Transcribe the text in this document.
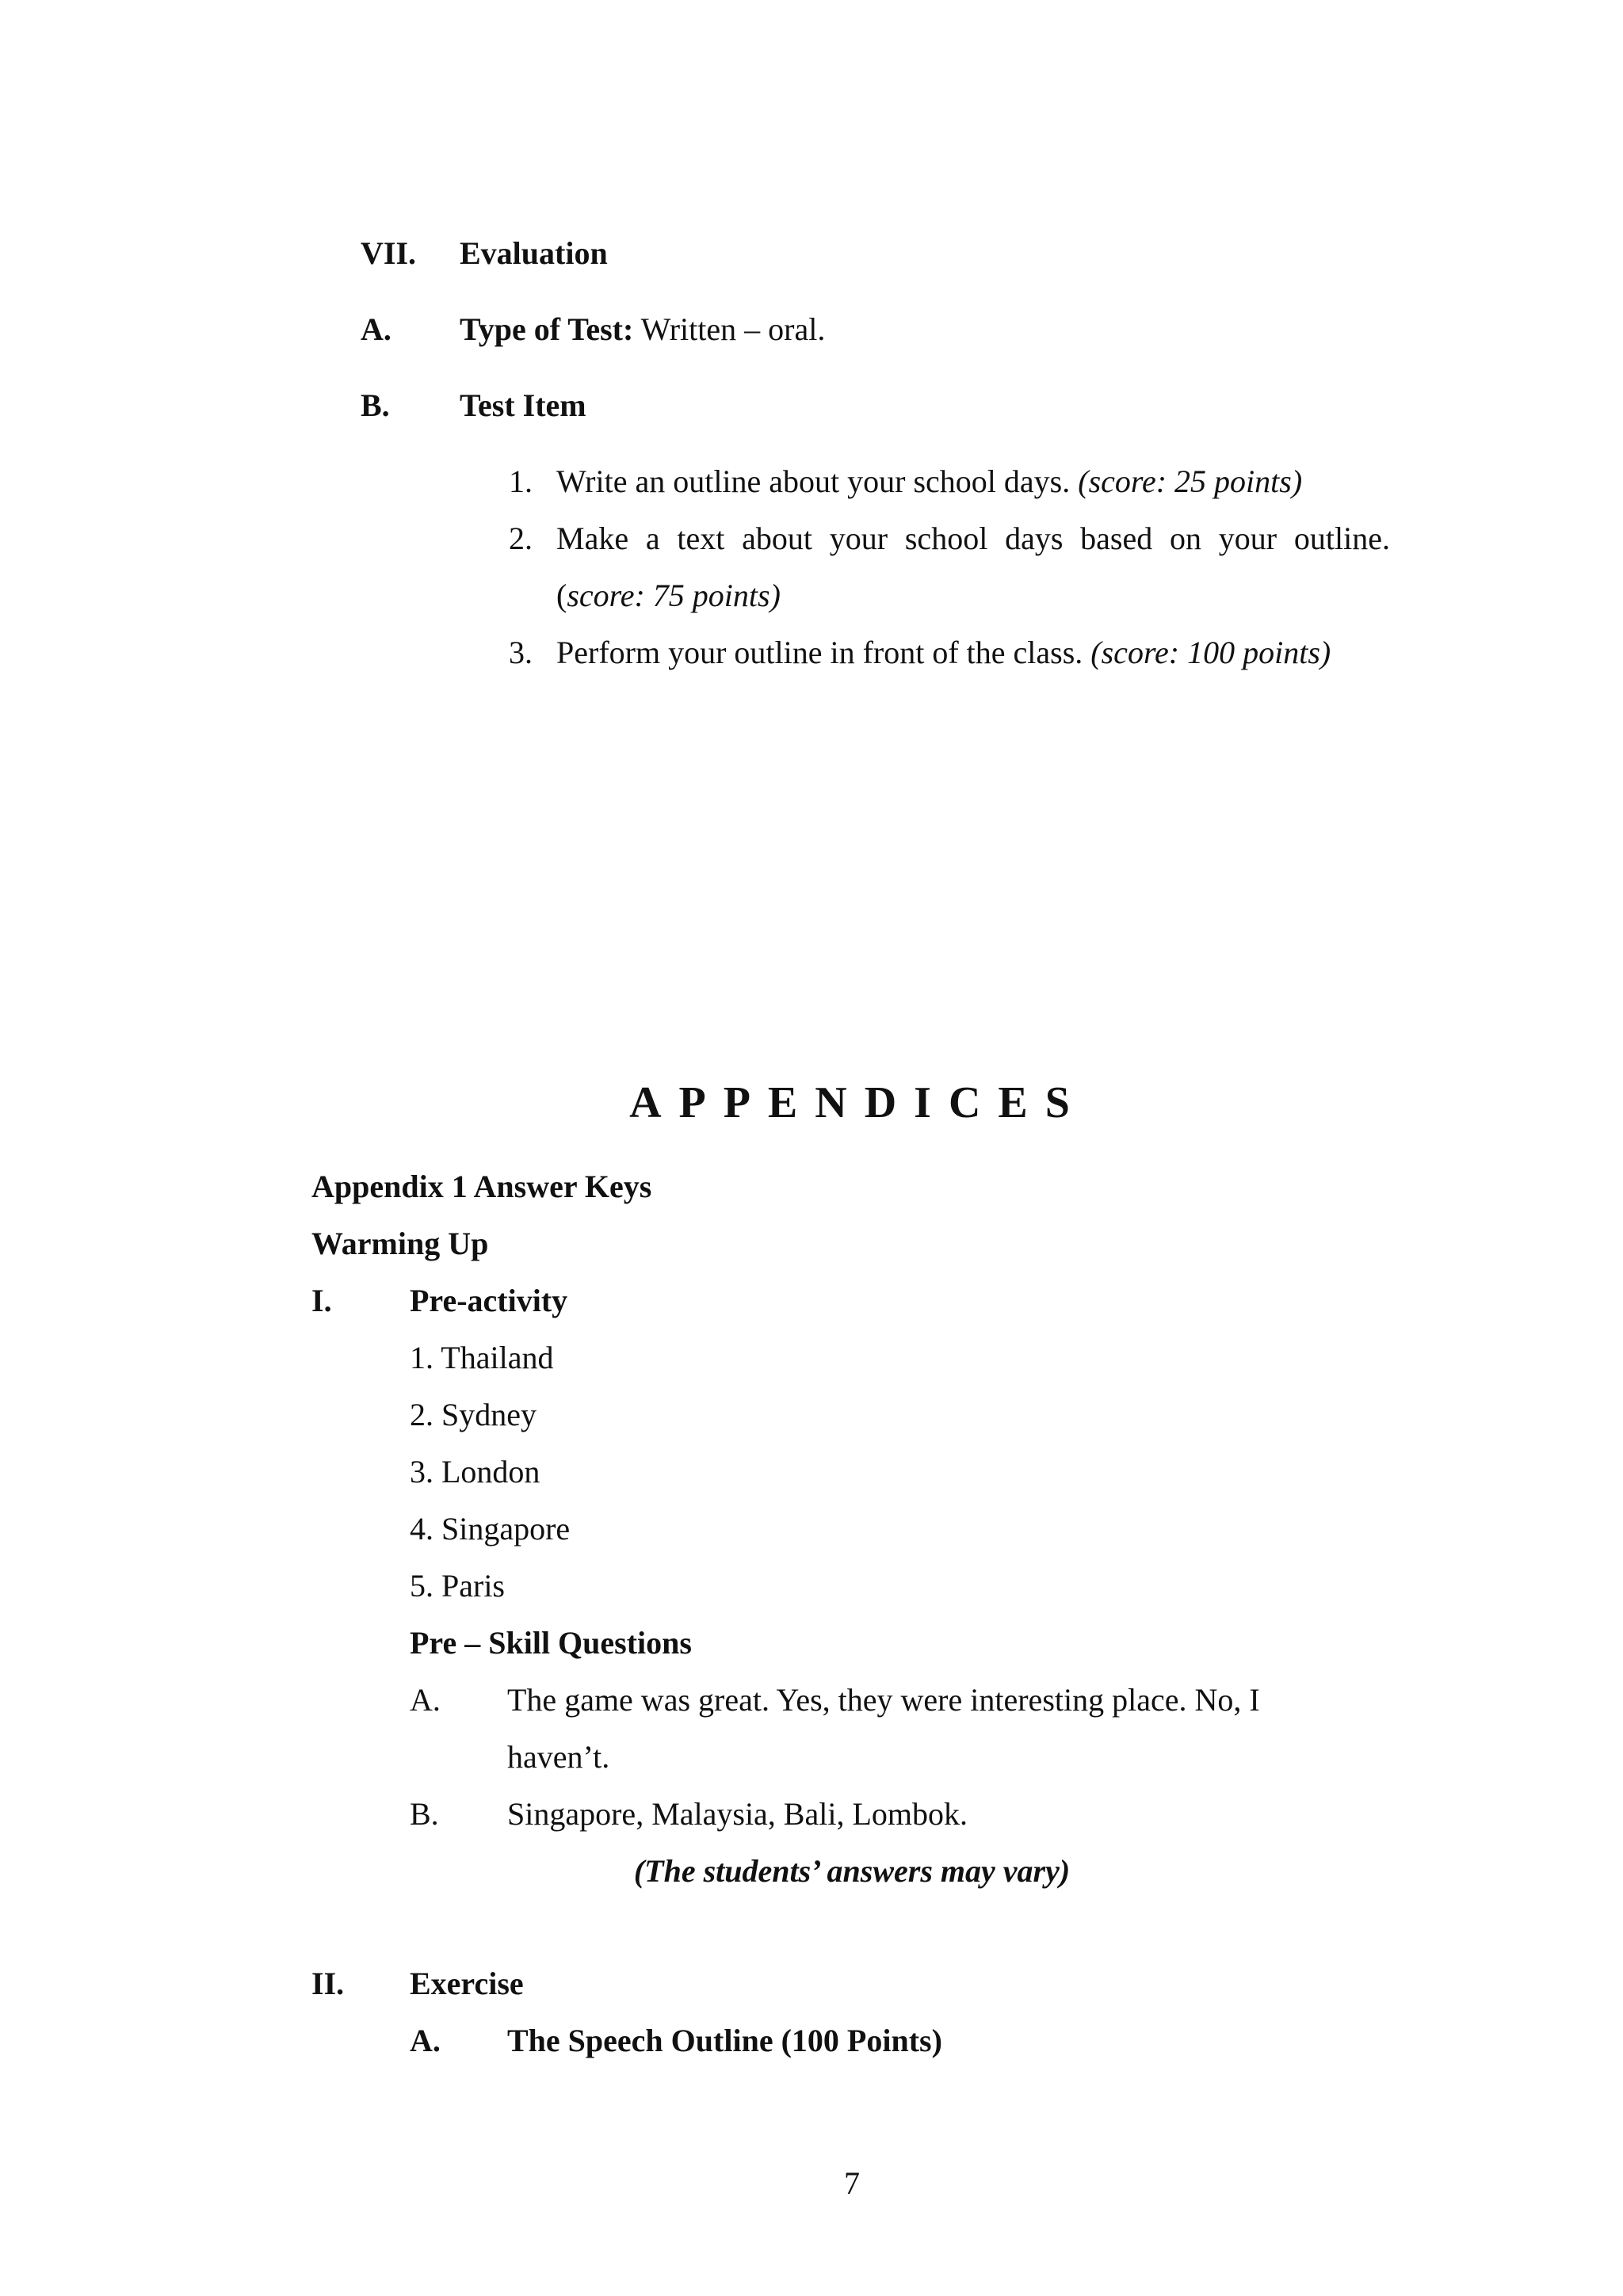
VII. Evaluation
A. Type of Test: Written – oral.
B. Test Item
1. Write an outline about your school days. (score: 25 points)
2. Make a text about your school days based on your outline.
(score: 75 points)
3. Perform your outline in front of the class. (score: 100 points)
APPENDICES
Appendix 1 Answer Keys
Warming Up
I. Pre-activity
1. Thailand
2. Sydney
3. London
4. Singapore
5. Paris
Pre – Skill Questions
A. The game was great. Yes, they were interesting place. No, I
haven’t.
B. Singapore, Malaysia, Bali, Lombok.
(The students’ answers may vary)
II. Exercise
A. The Speech Outline (100 Points)
7
